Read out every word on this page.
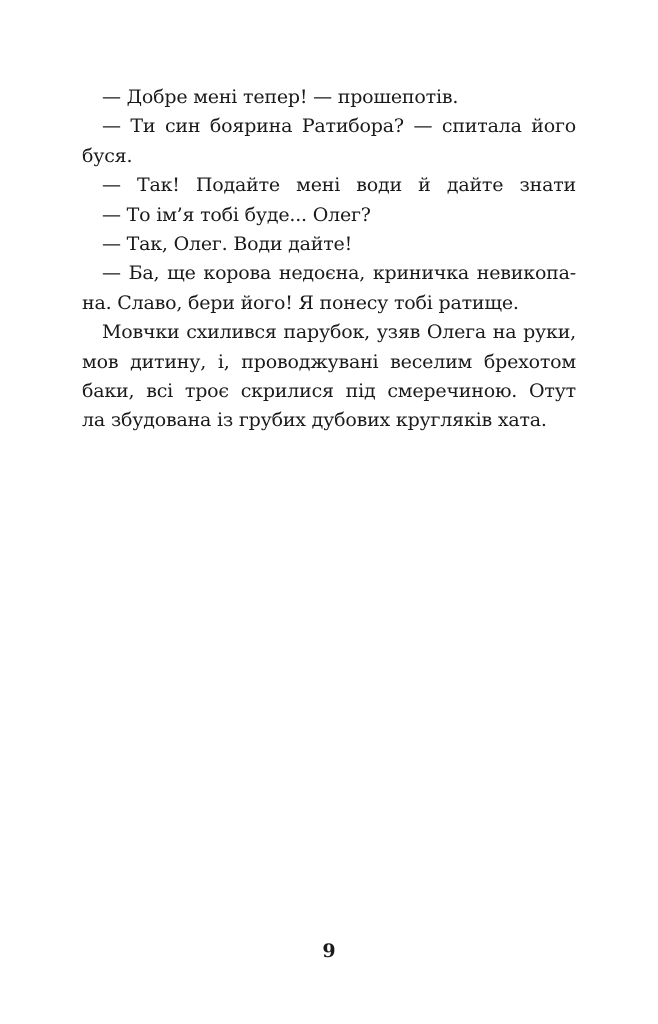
— Добре мені тепер! — прошепотів.
— Ти син боярина Ратибора? — спитала його
буся.
— Так! Подайте мені води й дайте знати
— То ім’я тобі буде... Олег?
— Так, Олег. Води дайте!
— Ба, ще корова недоєна, криничка невикопа-
на. Славо, бери його! Я понесу тобі ратище.
Мовчки схилився парубок, узяв Олега на руки,
мов дитину, і, проводжувані веселим брехотом
баки, всі троє скрилися під смеречиною. Отут
ла збудована із грубих дубових кругляків хата.
9
